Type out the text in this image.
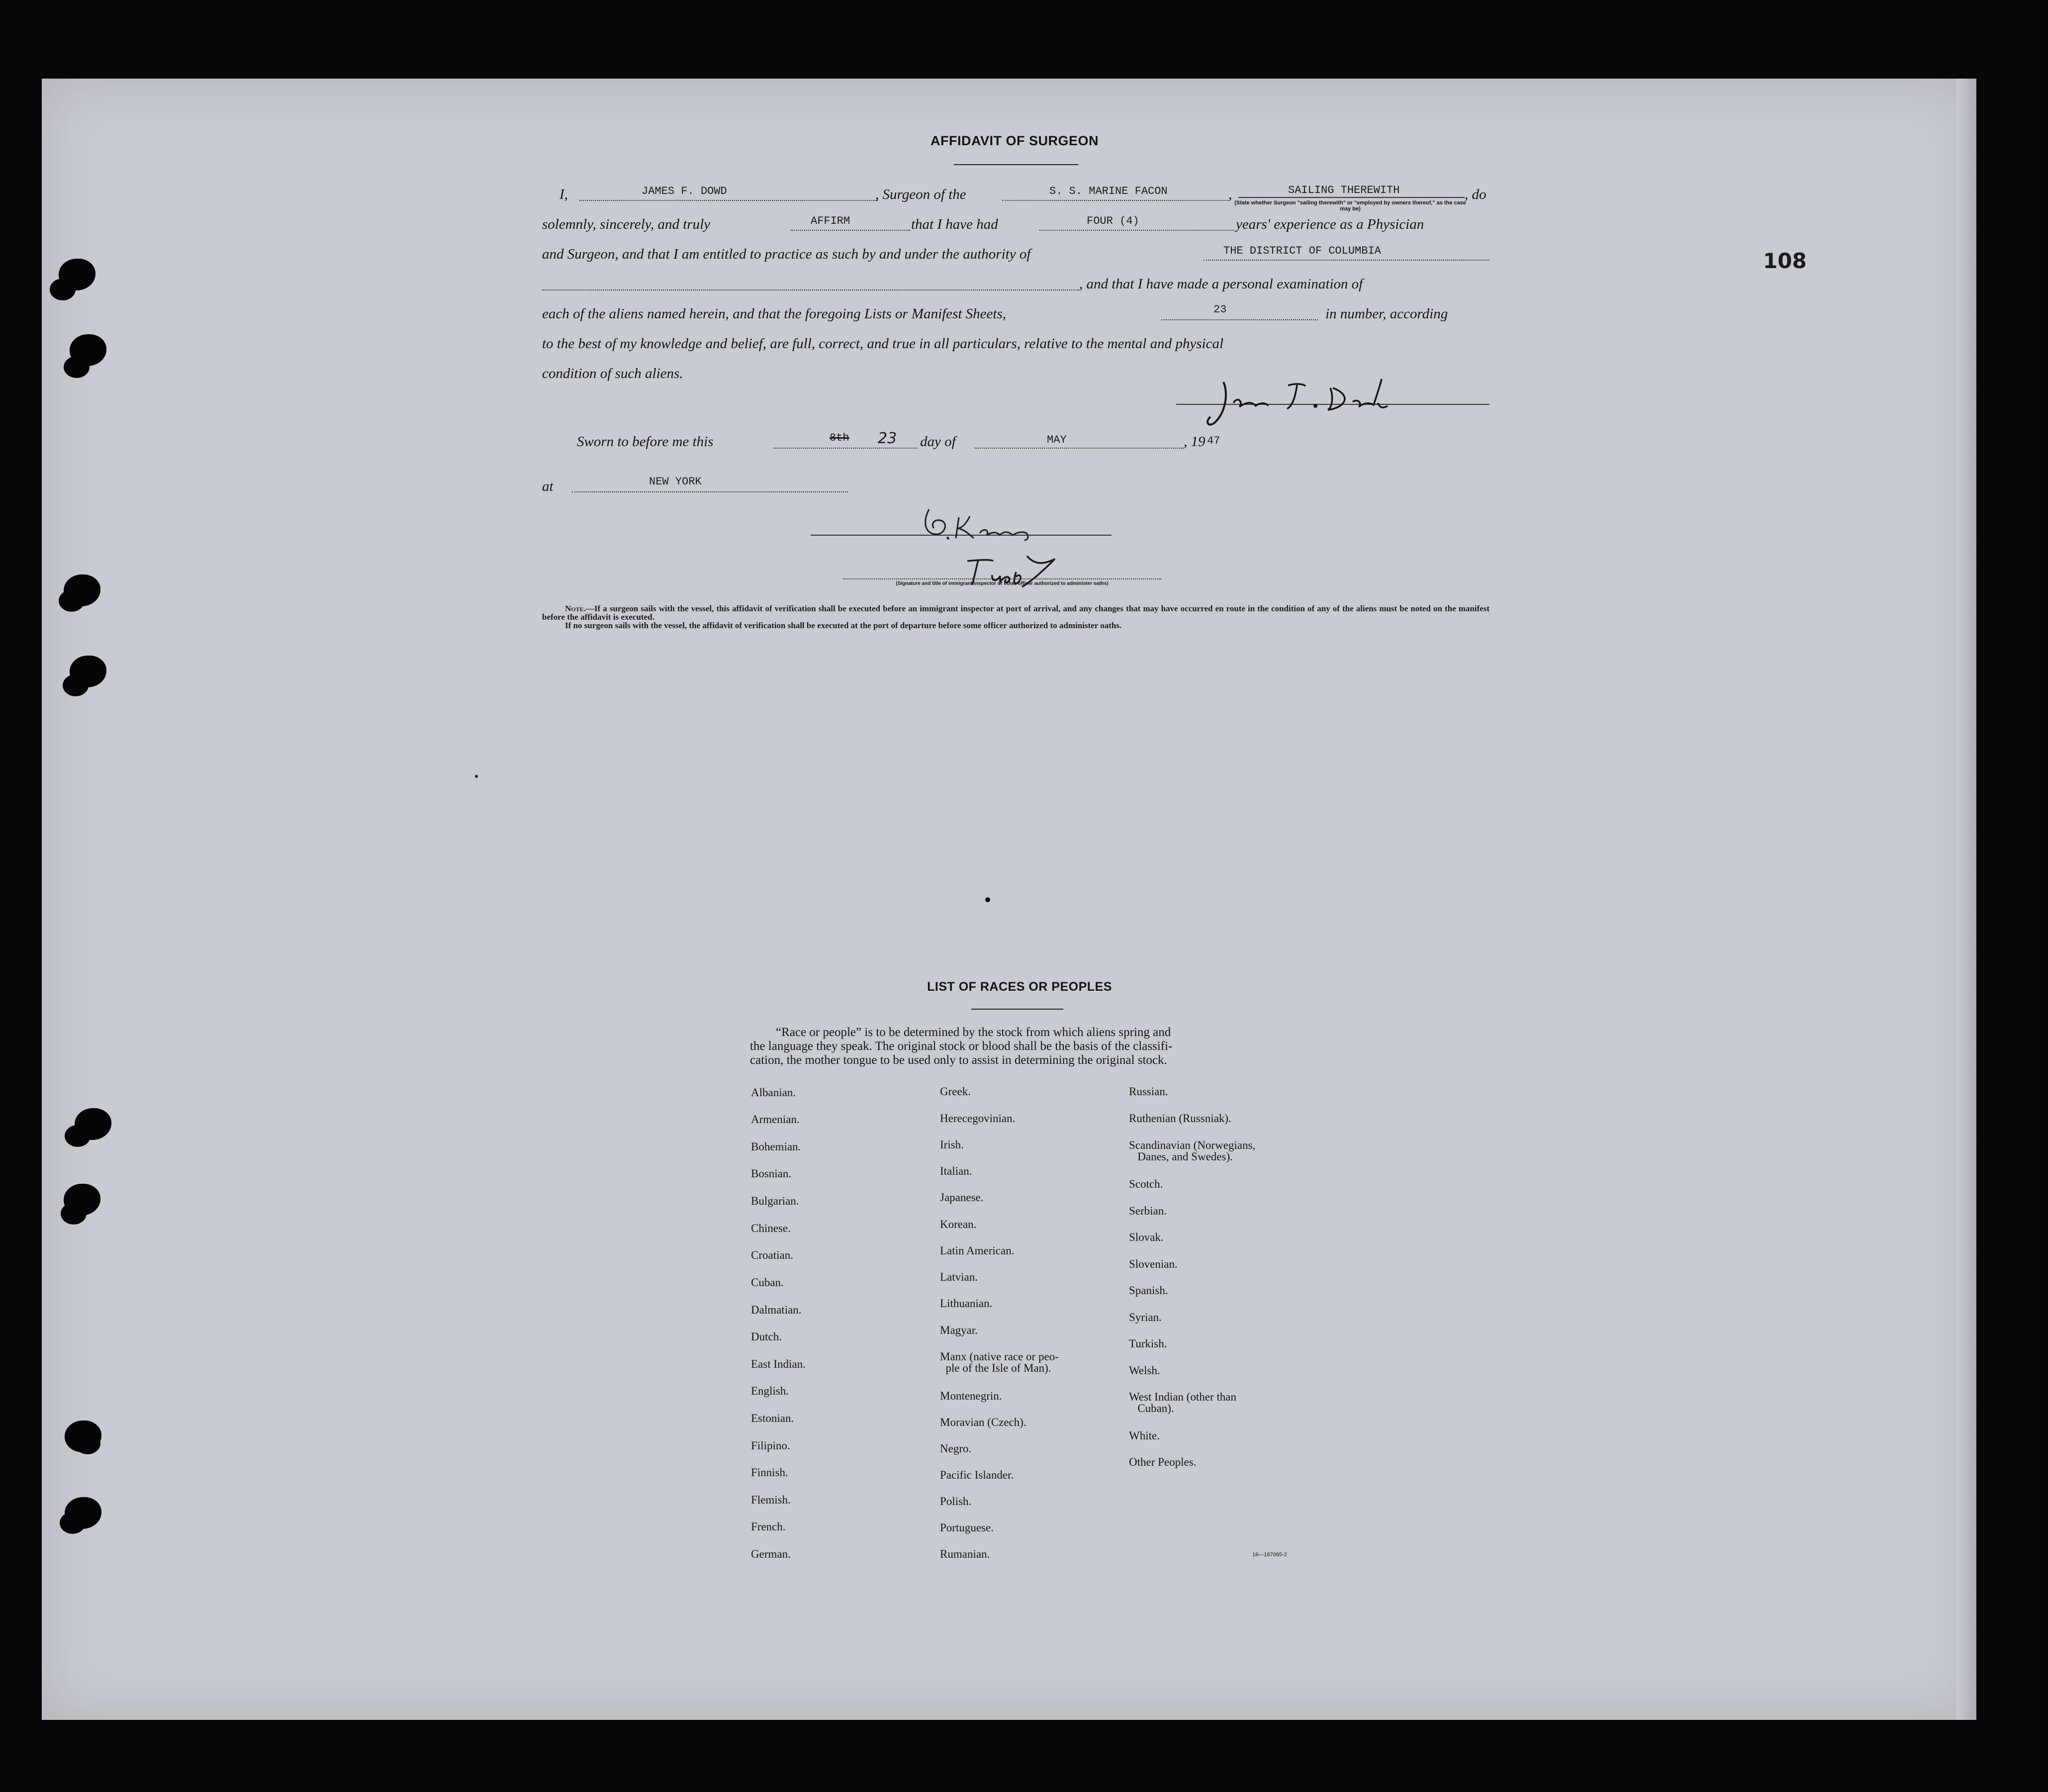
108
AFFIDAVIT OF SURGEON
I,	JAMES F. DOWD	, Surgeon of the	S. S. MARINE FACON	,	SAILING THEREWITH	, do
(State whether Surgeon "sailing therewith" or "employed by owners thereof," as the case may be)
solemnly, sincerely, and truly	AFFIRM	that I have had	FOUR (4)	years' experience as a Physician
and Surgeon, and that I am entitled to practice as such by and under the authority of	THE DISTRICT OF COLUMBIA
, and that I have made a personal examination of
each of the aliens named herein, and that the foregoing Lists or Manifest Sheets,	23	in number, according
to the best of my knowledge and belief, are full, correct, and true in all particulars, relative to the mental and physical
condition of such aliens.
Sworn to before me this	8th 23 day of	MAY	, 19 47
at	NEW YORK
(Signature and title of immigrant inspector or other officer authorized to administer oaths)
Note.—If a surgeon sails with the vessel, this affidavit of verification shall be executed before an immigrant inspector at port of arrival, and any changes that may have occurred en route in the condition of any of the aliens must be noted on the manifest before the affidavit is executed.
If no surgeon sails with the vessel, the affidavit of verification shall be executed at the port of departure before some officer authorized to administer oaths.
LIST OF RACES OR PEOPLES
“Race or people” is to be determined by the stock from which aliens spring and
the language they speak. The original stock or blood shall be the basis of the classifi-
cation, the mother tongue to be used only to assist in determining the original stock.
Albanian.
Armenian.
Bohemian.
Bosnian.
Bulgarian.
Chinese.
Croatian.
Cuban.
Dalmatian.
Dutch.
East Indian.
English.
Estonian.
Filipino.
Finnish.
Flemish.
French.
German.
Greek.
Herecegovinian.
Irish.
Italian.
Japanese.
Korean.
Latin American.
Latvian.
Lithuanian.
Magyar.
Manx (native race or peo-
ple of the Isle of Man).
Montenegrin.
Moravian (Czech).
Negro.
Pacific Islander.
Polish.
Portuguese.
Rumanian.
Russian.
Ruthenian (Russniak).
Scandinavian (Norwegians,
Danes, and Swedes).
Scotch.
Serbian.
Slovak.
Slovenian.
Spanish.
Syrian.
Turkish.
Welsh.
West Indian (other than
Cuban).
White.
Other Peoples.
16—187065-2
